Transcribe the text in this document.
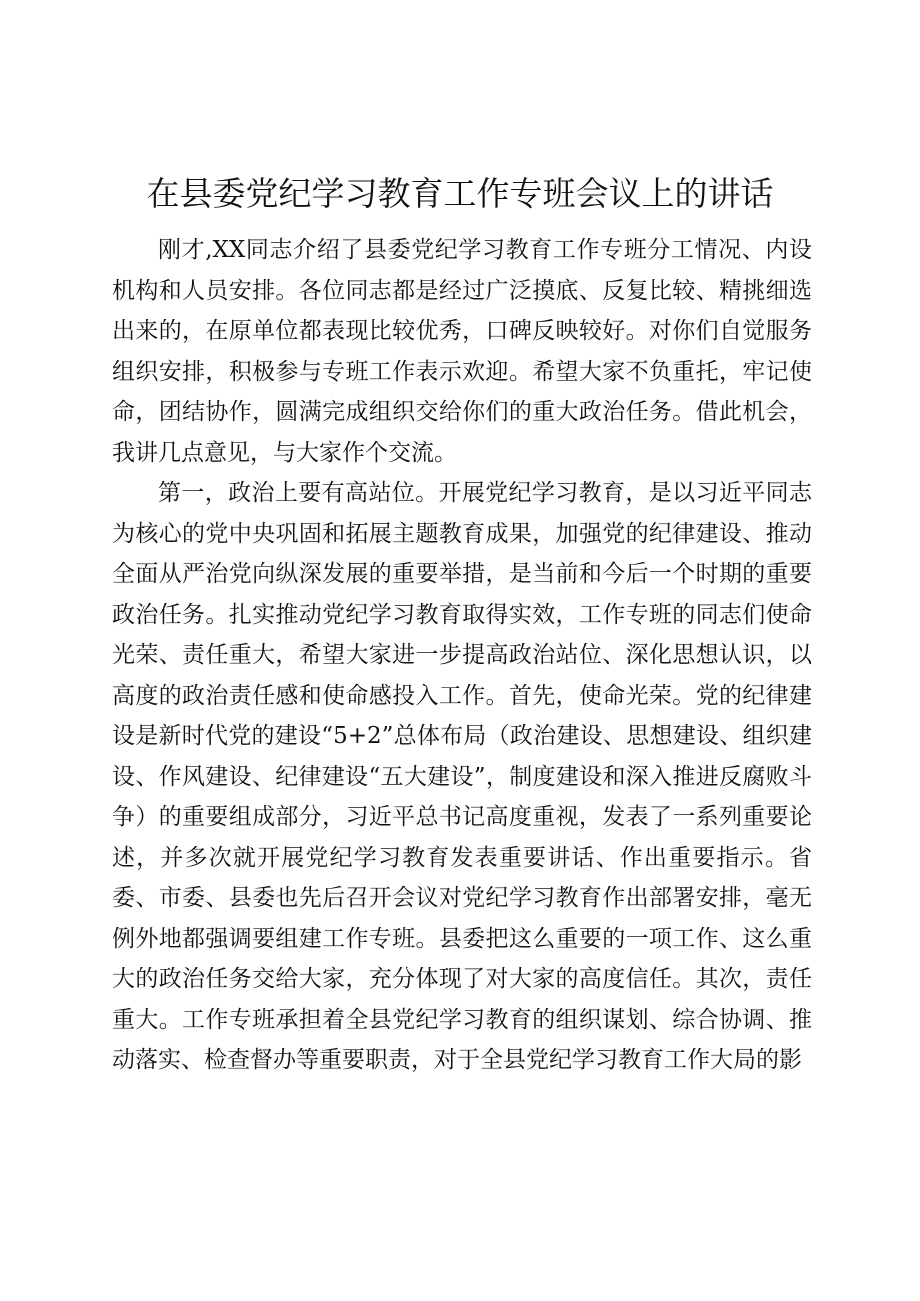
在县委党纪学习教育工作专班会议上的讲话

刚才,XX同志介绍了县委党纪学习教育工作专班分工情况、内设机构和人员安排。各位同志都是经过广泛摸底、反复比较、精挑细选出来的，在原单位都表现比较优秀，口碑反映较好。对你们自觉服务组织安排，积极参与专班工作表示欢迎。希望大家不负重托，牢记使命，团结协作，圆满完成组织交给你们的重大政治任务。借此机会，我讲几点意见，与大家作个交流。

第一，政治上要有高站位。开展党纪学习教育，是以习近平同志为核心的党中央巩固和拓展主题教育成果，加强党的纪律建设、推动全面从严治党向纵深发展的重要举措，是当前和今后一个时期的重要政治任务。扎实推动党纪学习教育取得实效，工作专班的同志们使命光荣、责任重大，希望大家进一步提高政治站位、深化思想认识，以高度的政治责任感和使命感投入工作。首先，使命光荣。党的纪律建设是新时代党的建设“5+2”总体布局（政治建设、思想建设、组织建设、作风建设、纪律建设“五大建设”，制度建设和深入推进反腐败斗争）的重要组成部分，习近平总书记高度重视，发表了一系列重要论述，并多次就开展党纪学习教育发表重要讲话、作出重要指示。省委、市委、县委也先后召开会议对党纪学习教育作出部署安排，毫无例外地都强调要组建工作专班。县委把这么重要的一项工作、这么重大的政治任务交给大家，充分体现了对大家的高度信任。其次，责任重大。工作专班承担着全县党纪学习教育的组织谋划、综合协调、推动落实、检查督办等重要职责，对于全县党纪学习教育工作大局的影
